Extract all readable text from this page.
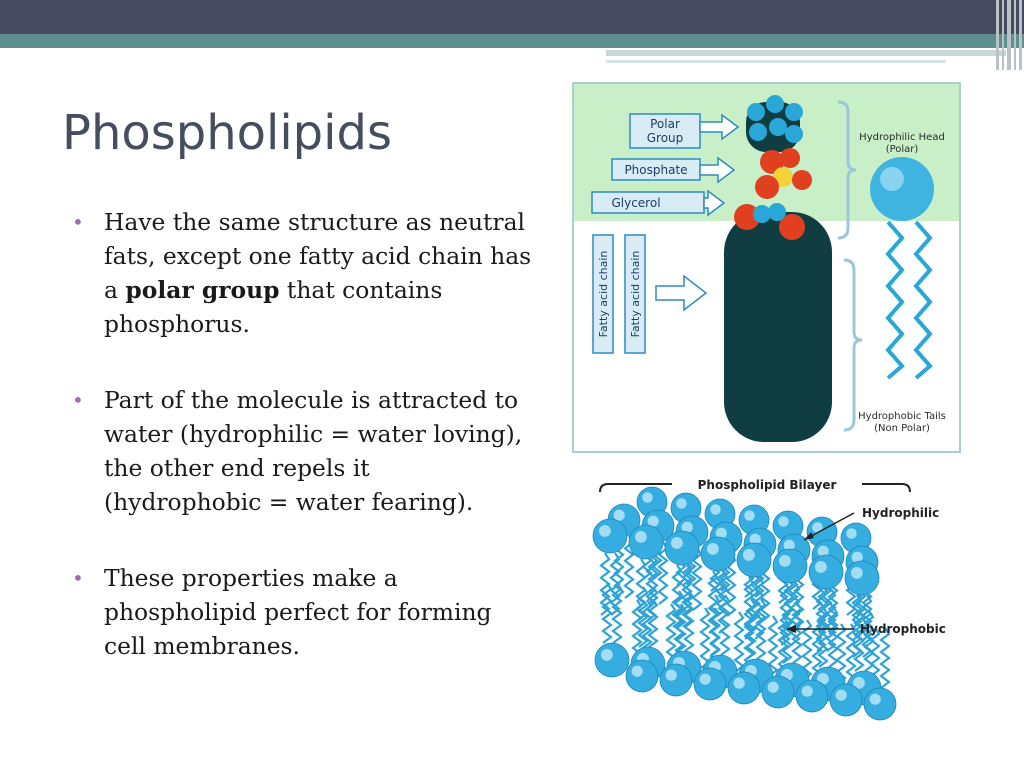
Phospholipids
• Have the same structure as neutral fats, except one fatty acid chain has a polar group that contains phosphorus.
• Part of the molecule is attracted to water (hydrophilic = water loving), the other end repels it (hydrophobic = water fearing).
• These properties make a phospholipid perfect for forming cell membranes.
Polar
Group
Phosphate
Glycerol
Fatty acid chain Fatty acid chain
Hydrophilic Head
(Polar)
Hydrophobic Tails
(Non Polar)
Phospholipid Bilayer
Hydrophilic
Hydrophobic
